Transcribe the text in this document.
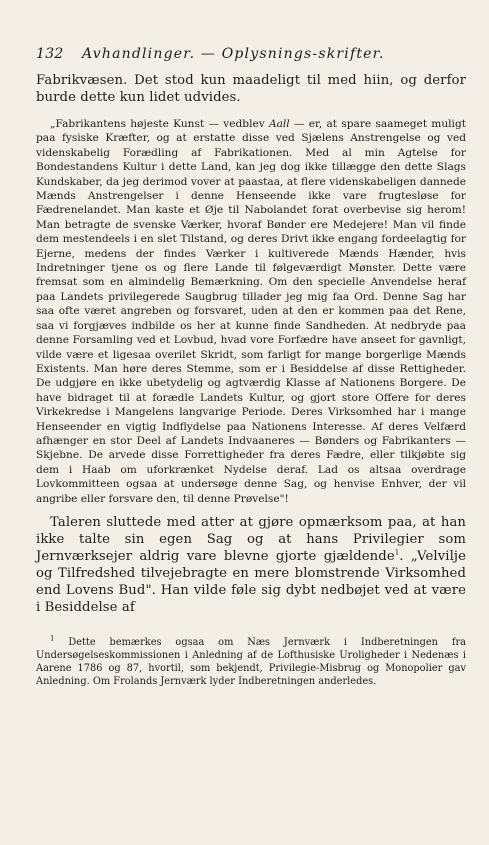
132 Avhandlinger. — Oplysnings-skrifter.

Fabrikvæsen. Det stod kun maadeligt til med hiin, og derfor burde dette kun lidet udvides.

„Fabrikantens højeste Kunst — vedblev Aall — er, at spare saameget muligt paa fysiske Kræfter, og at erstatte disse ved Sjælens Anstrengelse og ved videnskabelig Forædling af Fabrikationen. Med al min Agtelse for Bondestandens Kultur i dette Land, kan jeg dog ikke tillægge den dette Slags Kundskaber, da jeg derimod vover at paastaa, at flere videnskabeligen dannede Mænds Anstrengelser i denne Henseende ikke vare frugtesløse for Fædrenelandet. Man kaste et Øje til Nabolandet forat overbevise sig herom! Man betragte de svenske Værker, hvoraf Bønder ere Medejere! Man vil finde dem mestendeels i en slet Tilstand, og deres Drivt ikke engang fordeelagtig for Ejerne, medens der findes Værker i kultiverede Mænds Hænder, hvis Indretninger tjene os og flere Lande til følgeværdigt Mønster. Dette være fremsat som en almindelig Bemærkning. Om den specielle Anvendelse heraf paa Landets privilegerede Saugbrug tillader jeg mig faa Ord. Denne Sag har saa ofte været angreben og forsvaret, uden at den er kommen paa det Rene, saa vi forgjæves indbilde os her at kunne finde Sandheden. At nedbryde paa denne Forsamling ved et Lovbud, hvad vore Forfædre have anseet for gavnligt, vilde være et ligesaa overilet Skridt, som farligt for mange borgerlige Mænds Existents. Man høre deres Stemme, som er i Besiddelse af disse Rettigheder. De udgjøre en ikke ubetydelig og agtværdig Klasse af Nationens Borgere. De have bidraget til at forædle Landets Kultur, og gjort store Offere for deres Virkekredse i Mangelens langvarige Periode. Deres Virksomhed har i mange Henseender en vigtig Indflydelse paa Nationens Interesse. Af deres Velfærd afhænger en stor Deel af Landets Indvaaneres — Bønders og Fabrikanters — Skjebne. De arvede disse Forrettigheder fra deres Fædre, eller tilkjøbte sig dem i Haab om uforkrænket Nydelse deraf. Lad os altsaa overdrage Lovkommitteen ogsaa at undersøge denne Sag, og henvise Enhver, der vil angribe eller forsvare den, til denne Prøvelse"!

Taleren sluttede med atter at gjøre opmærksom paa, at han ikke talte sin egen Sag og at hans Privilegier som Jernværksejer aldrig vare blevne gjorte gjældende$^1$. „Velvilje og Tilfredshed tilvejebragte en mere blomstrende Virksomhed end Lovens Bud". Han vilde føle sig dybt nedbøjet ved at være i Besiddelse af

$^1$ Dette bemærkes ogsaa om Næs Jernværk i Indberetningen fra Undersøgelseskommissionen i Anledning af de Lofthusiske Uroligheder i Nedenæs i Aarene 1786 og 87, hvortil, som bekjendt, Privilegie-Misbrug og Monopolier gav Anledning. Om Frolands Jernværk lyder Indberetningen anderledes.
